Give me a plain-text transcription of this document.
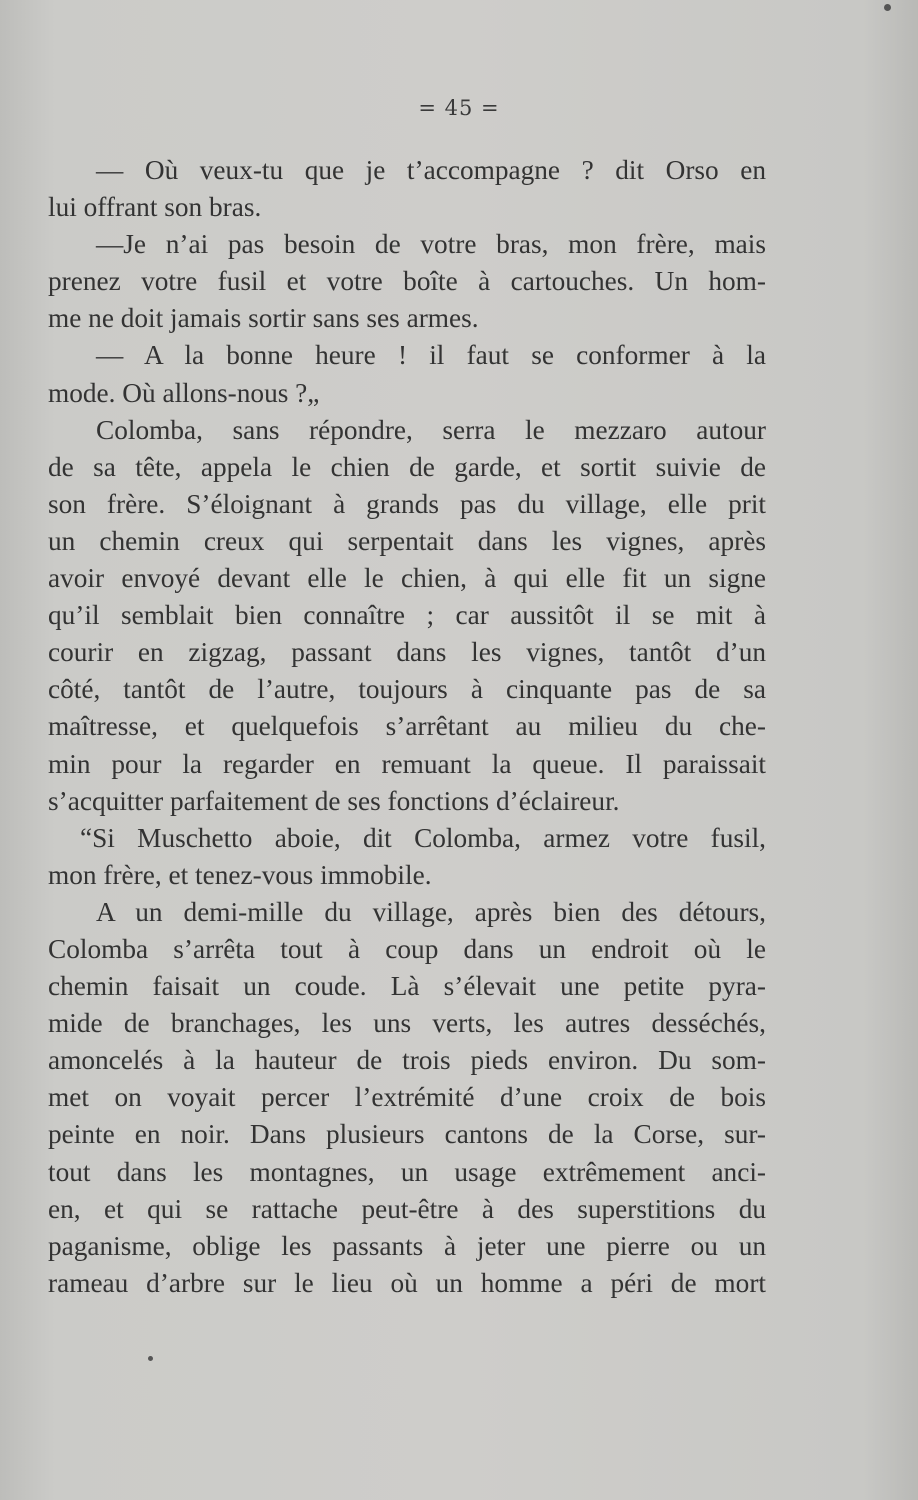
= 45 =
— Où veux-tu que je t’accompagne ? dit Orso en
lui offrant son bras.
—Je n’ai pas besoin de votre bras, mon frère, mais
prenez votre fusil et votre boîte à cartouches. Un hom-
me ne doit jamais sortir sans ses armes.
— A la bonne heure ! il faut se conformer à la
mode. Où allons-nous ?„
Colomba, sans répondre, serra le mezzaro autour
de sa tête, appela le chien de garde, et sortit suivie de
son frère. S’éloignant à grands pas du village, elle prit
un chemin creux qui serpentait dans les vignes, après
avoir envoyé devant elle le chien, à qui elle fit un signe
qu’il semblait bien connaître ; car aussitôt il se mit à
courir en zigzag, passant dans les vignes, tantôt d’un
côté, tantôt de l’autre, toujours à cinquante pas de sa
maîtresse, et quelquefois s’arrêtant au milieu du che-
min pour la regarder en remuant la queue. Il paraissait
s’acquitter parfaitement de ses fonctions d’éclaireur.
“Si Muschetto aboie, dit Colomba, armez votre fusil,
mon frère, et tenez-vous immobile.
A un demi-mille du village, après bien des détours,
Colomba s’arrêta tout à coup dans un endroit où le
chemin faisait un coude. Là s’élevait une petite pyra-
mide de branchages, les uns verts, les autres desséchés,
amoncelés à la hauteur de trois pieds environ. Du som-
met on voyait percer l’extrémité d’une croix de bois
peinte en noir. Dans plusieurs cantons de la Corse, sur-
tout dans les montagnes, un usage extrêmement anci-
en, et qui se rattache peut-être à des superstitions du
paganisme, oblige les passants à jeter une pierre ou un
rameau d’arbre sur le lieu où un homme a péri de mort
